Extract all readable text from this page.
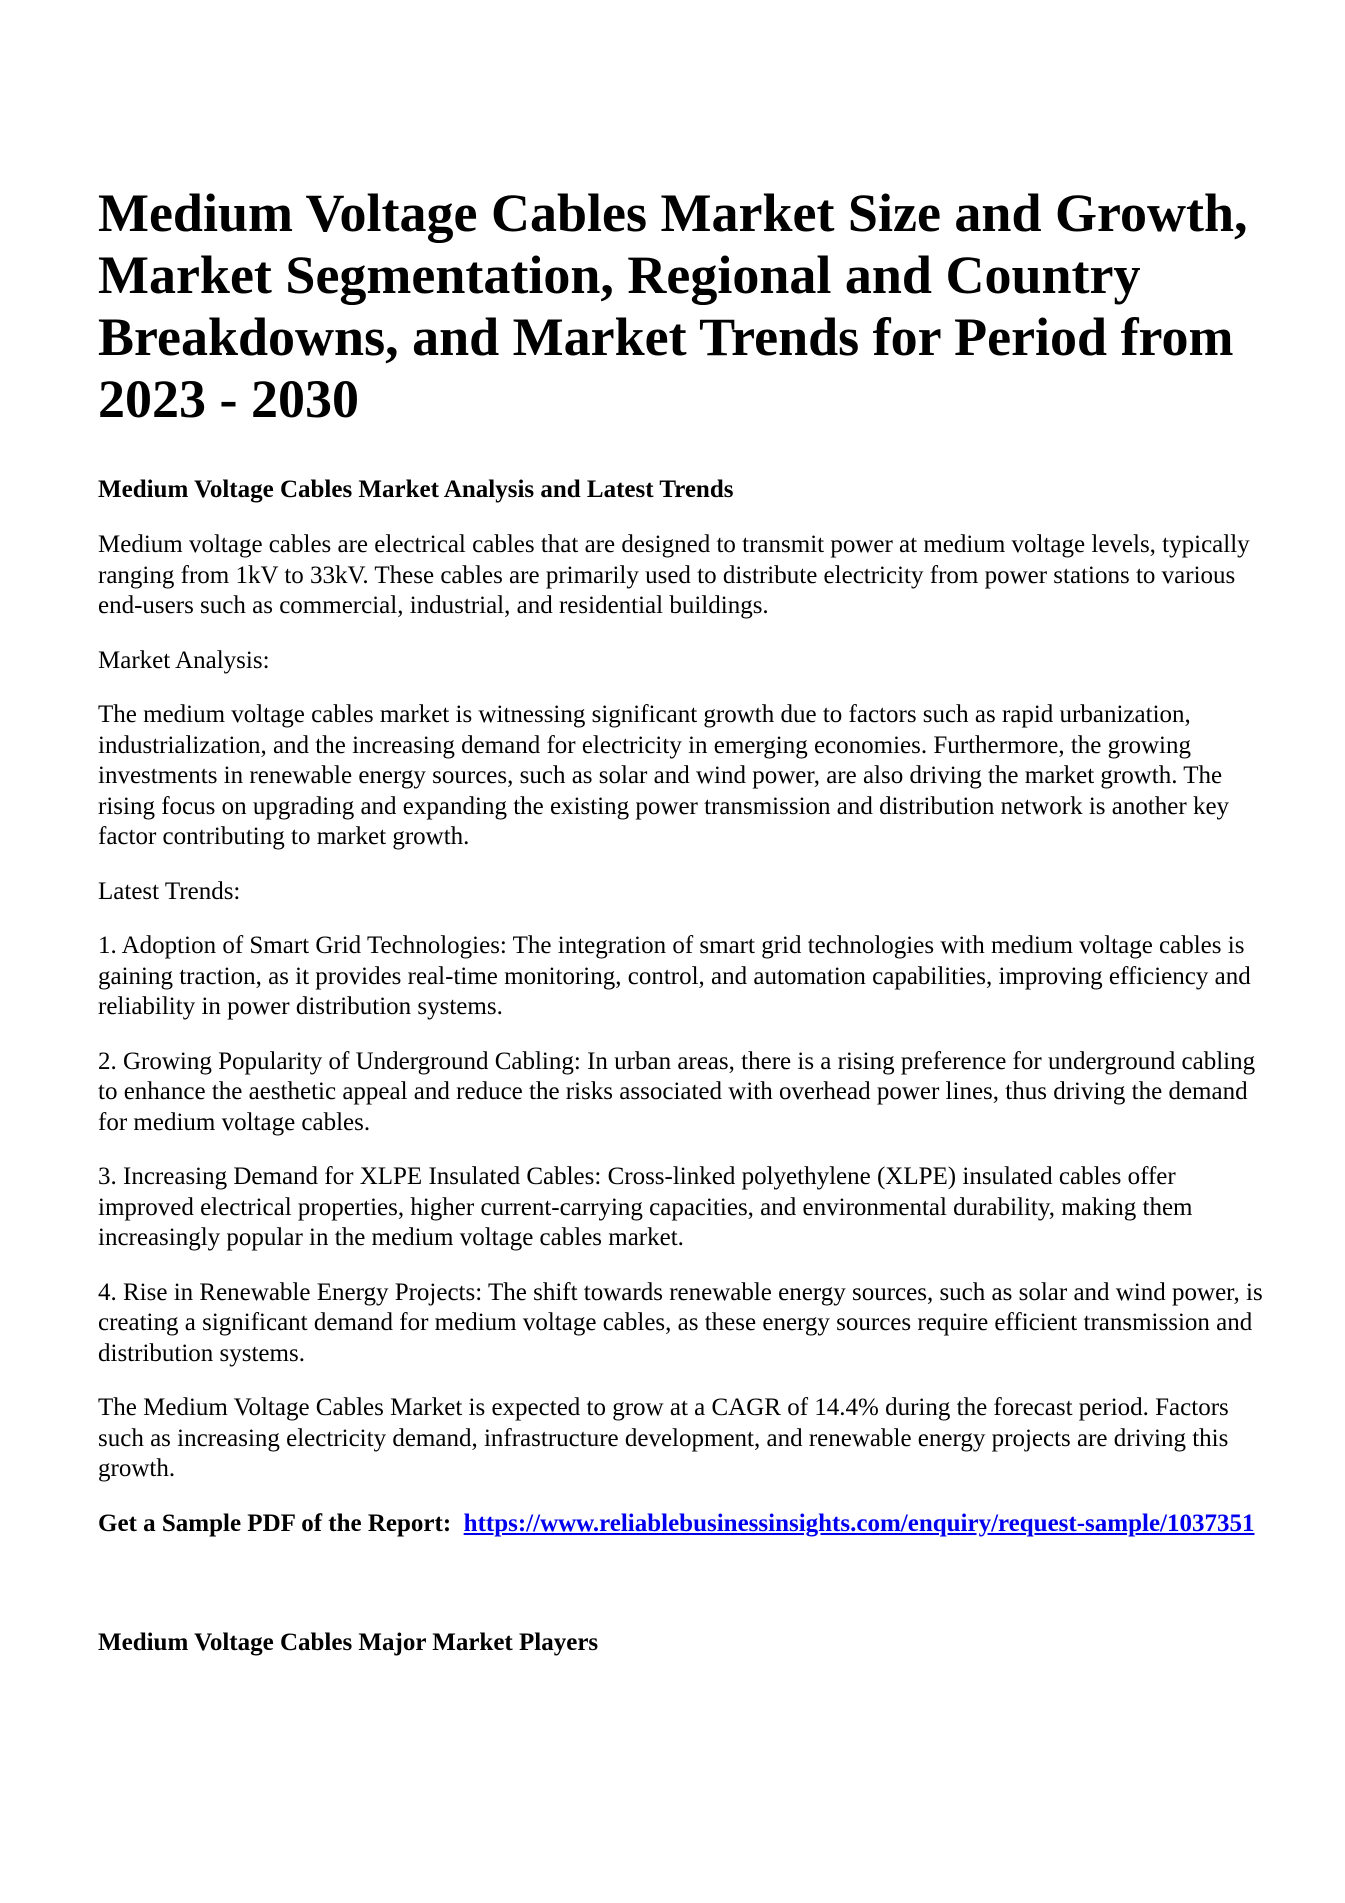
Medium Voltage Cables Market Size and Growth, Market Segmentation, Regional and Country Breakdowns, and Market Trends for Period from 2023 - 2030
Medium Voltage Cables Market Analysis and Latest Trends

Medium voltage cables are electrical cables that are designed to transmit power at medium voltage levels, typically ranging from 1kV to 33kV. These cables are primarily used to distribute electricity from power stations to various end-users such as commercial, industrial, and residential buildings.

Market Analysis:

The medium voltage cables market is witnessing significant growth due to factors such as rapid urbanization, industrialization, and the increasing demand for electricity in emerging economies. Furthermore, the growing investments in renewable energy sources, such as solar and wind power, are also driving the market growth. The rising focus on upgrading and expanding the existing power transmission and distribution network is another key factor contributing to market growth.

Latest Trends:

1. Adoption of Smart Grid Technologies: The integration of smart grid technologies with medium voltage cables is gaining traction, as it provides real-time monitoring, control, and automation capabilities, improving efficiency and reliability in power distribution systems.

2. Growing Popularity of Underground Cabling: In urban areas, there is a rising preference for underground cabling to enhance the aesthetic appeal and reduce the risks associated with overhead power lines, thus driving the demand for medium voltage cables.

3. Increasing Demand for XLPE Insulated Cables: Cross-linked polyethylene (XLPE) insulated cables offer improved electrical properties, higher current-carrying capacities, and environmental durability, making them increasingly popular in the medium voltage cables market.

4. Rise in Renewable Energy Projects: The shift towards renewable energy sources, such as solar and wind power, is creating a significant demand for medium voltage cables, as these energy sources require efficient transmission and distribution systems.

The Medium Voltage Cables Market is expected to grow at a CAGR of 14.4% during the forecast period. Factors such as increasing electricity demand, infrastructure development, and renewable energy projects are driving this growth.

Get a Sample PDF of the Report: https://www.reliablebusinessinsights.com/enquiry/request-sample/1037351
Medium Voltage Cables Major Market Players
